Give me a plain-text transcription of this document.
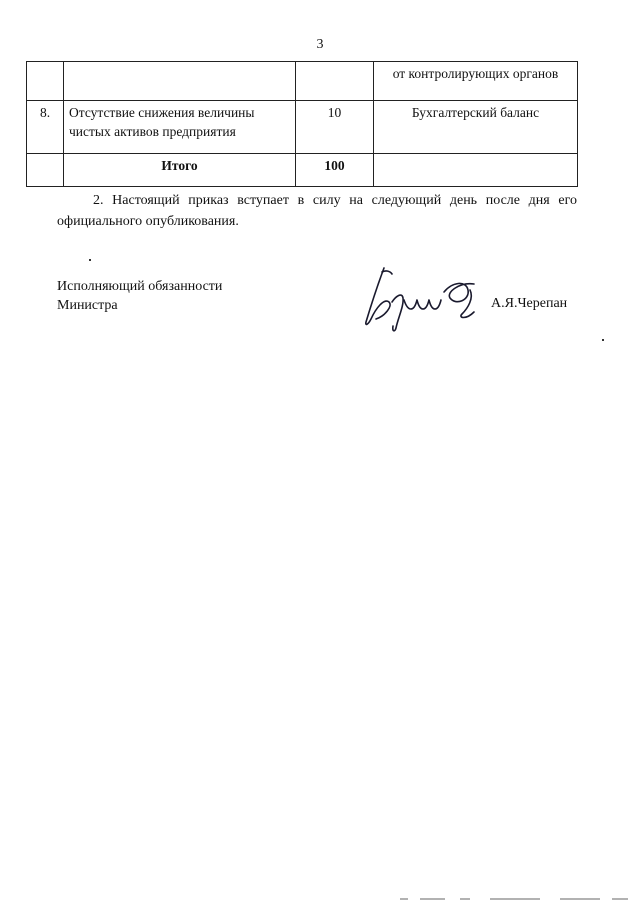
3
			от контролирующих органов
8.	Отсутствие снижения величины чистых активов предприятия	10	Бухгалтерский баланс
	Итого	100	

2. Настоящий приказ вступает в силу на следующий день после дня его официального опубликования.

Исполняющий обязанности
Министра	А.Я.Черепан
